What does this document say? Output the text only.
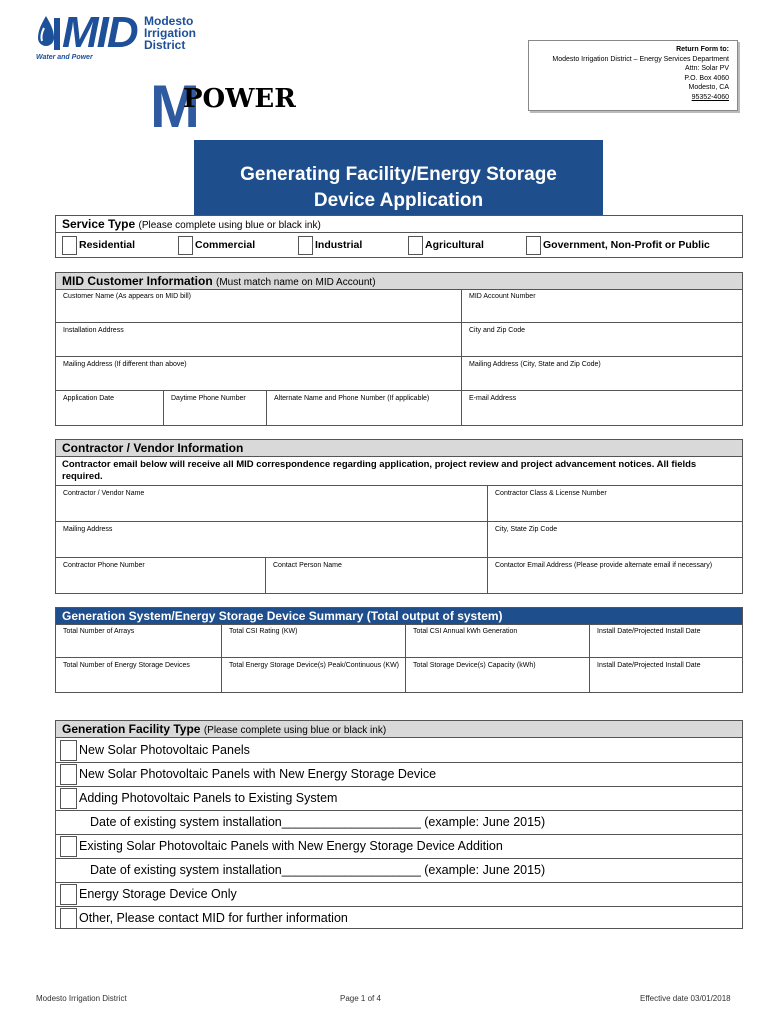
MID Modesto
Irrigation
District
Water and Power
M
POWER
Return Form to:
Modesto Irrigation District – Energy Services Department
Attn: Solar PV
P.O. Box 4060
Modesto, CA
95352-4060
Generating Facility/Energy Storage
Device Application
Service Type (Please complete using blue or black ink)
Residential	Commercial	Industrial	Agricultural	Government, Non-Profit or Public
MID Customer Information (Must match name on MID Account)
Customer Name (As appears on MID bill)	MID Account Number
Installation Address	City and Zip Code
Mailing Address (If different than above)	Mailing Address (City, State and Zip Code)
Application Date	Daytime Phone Number	Alternate Name and Phone Number (If applicable)	E-mail Address
Contractor / Vendor Information
Contractor email below will receive all MID correspondence regarding application, project review and project advancement notices. All fields required.
Contractor / Vendor Name	Contractor Class & License Number
Mailing Address	City, State Zip Code
Contractor Phone Number	Contact Person Name	Contactor Email Address (Please provide alternate email if necessary)
Generation System/Energy Storage Device Summary (Total output of system)
Total Number of Arrays	Total CSI Rating (KW)	Total CSI Annual kWh Generation	Install Date/Projected Install Date
Total Number of Energy Storage Devices	Total Energy Storage Device(s) Peak/Continuous (KW)	Total Storage Device(s) Capacity (kWh)	Install Date/Projected Install Date
Generation Facility Type (Please complete using blue or black ink)
New Solar Photovoltaic Panels
New Solar Photovoltaic Panels with New Energy Storage Device
Adding Photovoltaic Panels to Existing System
Date of existing system installation____________________ (example: June 2015)
Existing Solar Photovoltaic Panels with New Energy Storage Device Addition
Date of existing system installation____________________ (example: June 2015)
Energy Storage Device Only
Other, Please contact MID for further information
Modesto Irrigation District	Page 1 of 4	Effective date 03/01/2018
